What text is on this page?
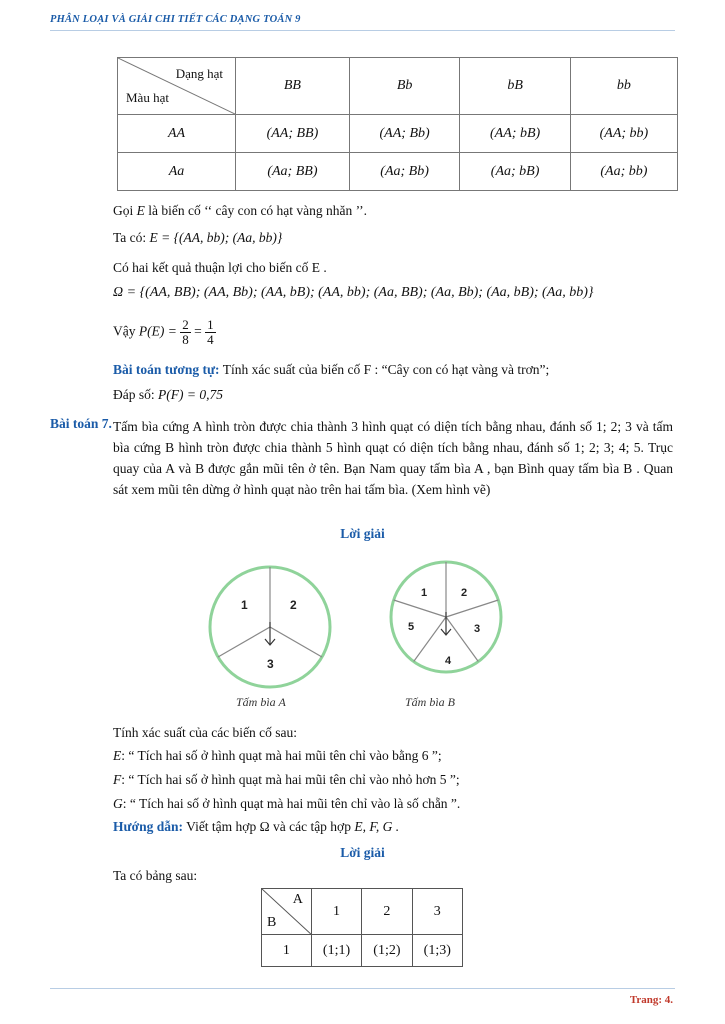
PHÂN LOẠI VÀ GIẢI CHI TIẾT CÁC DẠNG TOÁN 9
Dạng hạt
Màu hạt	BB	Bb	bB	bb
AA	(AA; BB)	(AA; Bb)	(AA; bB)	(AA; bb)
Aa	(Aa; BB)	(Aa; Bb)	(Aa; bB)	(Aa; bb)
Gọi E là biến cố ‘‘ cây con có hạt vàng nhăn ’’.
Ta có: E = {(AA, bb); (Aa, bb)}
Có hai kết quả thuận lợi cho biến cố E .
Ω = {(AA, BB); (AA, Bb); (AA, bB); (AA, bb); (Aa, BB); (Aa, Bb); (Aa, bB); (Aa, bb)}
Vậy $P(E) = \frac{2}{8} = \frac{1}{4}$
Bài toán tương tự: Tính xác suất của biến cố F : “Cây con có hạt vàng và trơn”;
Đáp số: P(F) = 0,75
Bài toán 7. Tấm bìa cứng A hình tròn được chia thành 3 hình quạt có diện tích bằng nhau, đánh số 1; 2; 3 và tấm bìa cứng B hình tròn được chia thành 5 hình quạt có diện tích bằng nhau, đánh số 1; 2; 3; 4; 5. Trục quay của A và B được gắn mũi tên ở tên. Bạn Nam quay tấm bìa A , bạn Bình quay tấm bìa B . Quan sát xem mũi tên dừng ở hình quạt nào trên hai tấm bìa. (Xem hình vẽ)
Lời giải
1	2
3
Tấm bìa A
1	2
3
4
5
Tấm bìa B
Tính xác suất của các biến cố sau:
E: “ Tích hai số ở hình quạt mà hai mũi tên chỉ vào bằng 6 ”;
F: “ Tích hai số ở hình quạt mà hai mũi tên chỉ vào nhỏ hơn 5 ”;
G: “ Tích hai số ở hình quạt mà hai mũi tên chỉ vào là số chẵn ”.
Hướng dẫn: Viết tậm hợp Ω và các tập hợp E, F, G .
Lời giải
Ta có bảng sau:
A
B	1	2	3
1	(1;1)	(1;2)	(1;3)
Trang: 4.
